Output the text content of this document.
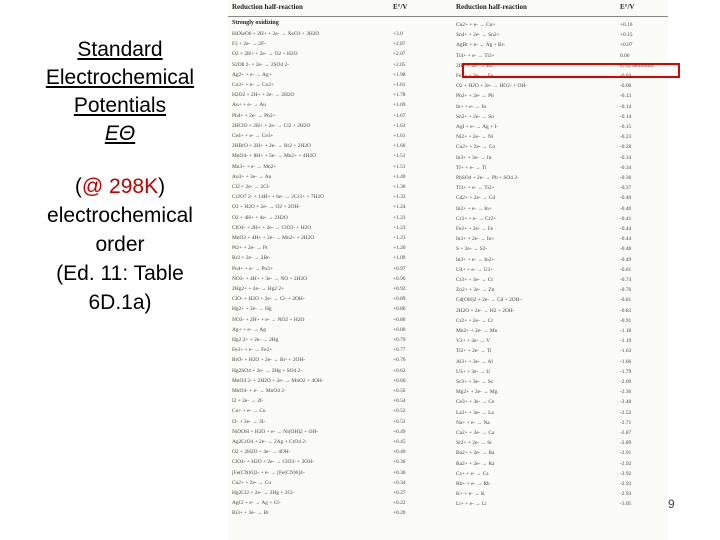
Standard
Electrochemical
Potentials
EΘ
(@ 298K)
electrochemical
order
(Ed. 11: Table
6D.1a)
Reduction half-reaction	E°/V	Reduction half-reaction	E°/V
Strongly oxidizing
H4XeO6 + 2H+ + 2e- → XeO3 + 3H2O	+3.0
F2 + 2e- → 2F-	+2.87
O3 + 2H+ + 2e- → O2 + H2O	+2.07
S2O8 2- + 2e- → 2SO4 2-	+2.05
Ag2+ + e- → Ag+	+1.98
Co3+ + e- → Co2+	+1.81
H2O2 + 2H+ + 2e- → 2H2O	+1.78
Au+ + e- → Au	+1.69
Pb4+ + 2e- → Pb2+	+1.67
2HClO + 2H+ + 2e- → Cl2 + 2H2O	+1.63
Ce4+ + e- → Ce3+	+1.61
2HBrO + 2H+ + 2e- → Br2 + 2H2O	+1.60
MnO4- + 8H+ + 5e- → Mn2+ + 4H2O	+1.51
Mn3+ + e- → Mn2+	+1.51
Au3+ + 3e- → Au	+1.40
Cl2 + 2e- → 2Cl-	+1.36
Cr2O7 2- + 14H+ + 6e- → 2Cr3+ + 7H2O	+1.33
O3 + H2O + 2e- → O2 + 2OH-	+1.24
O2 + 4H+ + 4e- → 2H2O	+1.23
ClO4- + 2H+ + 2e- → ClO3- + H2O	+1.23
MnO2 + 4H+ + 2e- → Mn2+ + 2H2O	+1.23
Pt2+ + 2e- → Pt	+1.20
Br2 + 2e- → 2Br-	+1.09
Pu4+ + e- → Pu3+	+0.97
NO3- + 4H+ + 3e- → NO + 2H2O	+0.96
2Hg2+ + 2e- → Hg2 2+	+0.92
ClO- + H2O + 2e- → Cl- + 2OH-	+0.89
Hg2+ + 2e- → Hg	+0.86
NO3- + 2H+ + e- → NO2 + H2O	+0.80
Ag+ + e- → Ag	+0.80
Hg2 2+ + 2e- → 2Hg	+0.79
Fe3+ + e- → Fe2+	+0.77
BrO- + H2O + 2e- → Br- + 2OH-	+0.76
Hg2SO4 + 2e- → 2Hg + SO4 2-	+0.62
MnO4 2- + 2H2O + 2e- → MnO2 + 4OH-	+0.60
MnO4- + e- → MnO4 2-	+0.56
I2 + 2e- → 2I-	+0.54
Cu+ + e- → Cu	+0.52
I3- + 2e- → 3I-	+0.53
NiOOH + H2O + e- → Ni(OH)2 + OH-	+0.49
Ag2CrO4 + 2e- → 2Ag + CrO4 2-	+0.45
O2 + 2H2O + 4e- → 4OH-	+0.40
ClO4- + H2O + 2e- → ClO3- + 2OH-	+0.36
[Fe(CN)6]3- + e- → [Fe(CN)6]4-	+0.36
Cu2+ + 2e- → Cu	+0.34
Hg2Cl2 + 2e- → 2Hg + 2Cl-	+0.27
AgCl + e- → Ag + Cl-	+0.22
Bi3+ + 3e- → Bi	+0.20
Cu2+ + e- → Cu+	+0.16
Sn4+ + 2e- → Sn2+	+0.15
AgBr + e- → Ag + Br-	+0.07
Ti4+ + e- → Ti3+	0.00
2H+ + 2e- → H2	0, by definition
Fe3+ + 3e- → Fe	-0.04
O2 + H2O + 2e- → HO2- + OH-	-0.08
Pb2+ + 2e- → Pb	-0.13
In+ + e- → In	-0.14
Sn2+ + 2e- → Sn	-0.14
AgI + e- → Ag + I-	-0.15
Ni2+ + 2e- → Ni	-0.23
Co2+ + 2e- → Co	-0.28
In3+ + 3e- → In	-0.34
Tl+ + e- → Tl	-0.34
PbSO4 + 2e- → Pb + SO4 2-	-0.36
Ti3+ + e- → Ti2+	-0.37
Cd2+ + 2e- → Cd	-0.40
In2+ + e- → In+	-0.40
Cr3+ + e- → Cr2+	-0.41
Fe2+ + 2e- → Fe	-0.44
In3+ + 2e- → In+	-0.44
S + 2e- → S2-	-0.48
In3+ + e- → In2+	-0.49
U4+ + e- → U3+	-0.61
Cr3+ + 3e- → Cr	-0.74
Zn2+ + 2e- → Zn	-0.76
Cd(OH)2 + 2e- → Cd + 2OH-	-0.81
2H2O + 2e- → H2 + 2OH-	-0.83
Cr2+ + 2e- → Cr	-0.91
Mn2+ + 2e- → Mn	-1.18
V2+ + 2e- → V	-1.19
Ti2+ + 2e- → Ti	-1.63
Al3+ + 3e- → Al	-1.66
U3+ + 3e- → U	-1.79
Sc3+ + 3e- → Sc	-2.09
Mg2+ + 2e- → Mg	-2.36
Ce3+ + 3e- → Ce	-2.48
La3+ + 3e- → La	-2.52
Na+ + e- → Na	-2.71
Ca2+ + 2e- → Ca	-2.87
Sr2+ + 2e- → Sr	-2.89
Ba2+ + 2e- → Ba	-2.91
Ra2+ + 2e- → Ra	-2.92
Cs+ + e- → Cs	-2.92
Rb+ + e- → Rb	-2.93
K+ + e- → K	-2.93
Li+ + e- → Li	-3.05	9
